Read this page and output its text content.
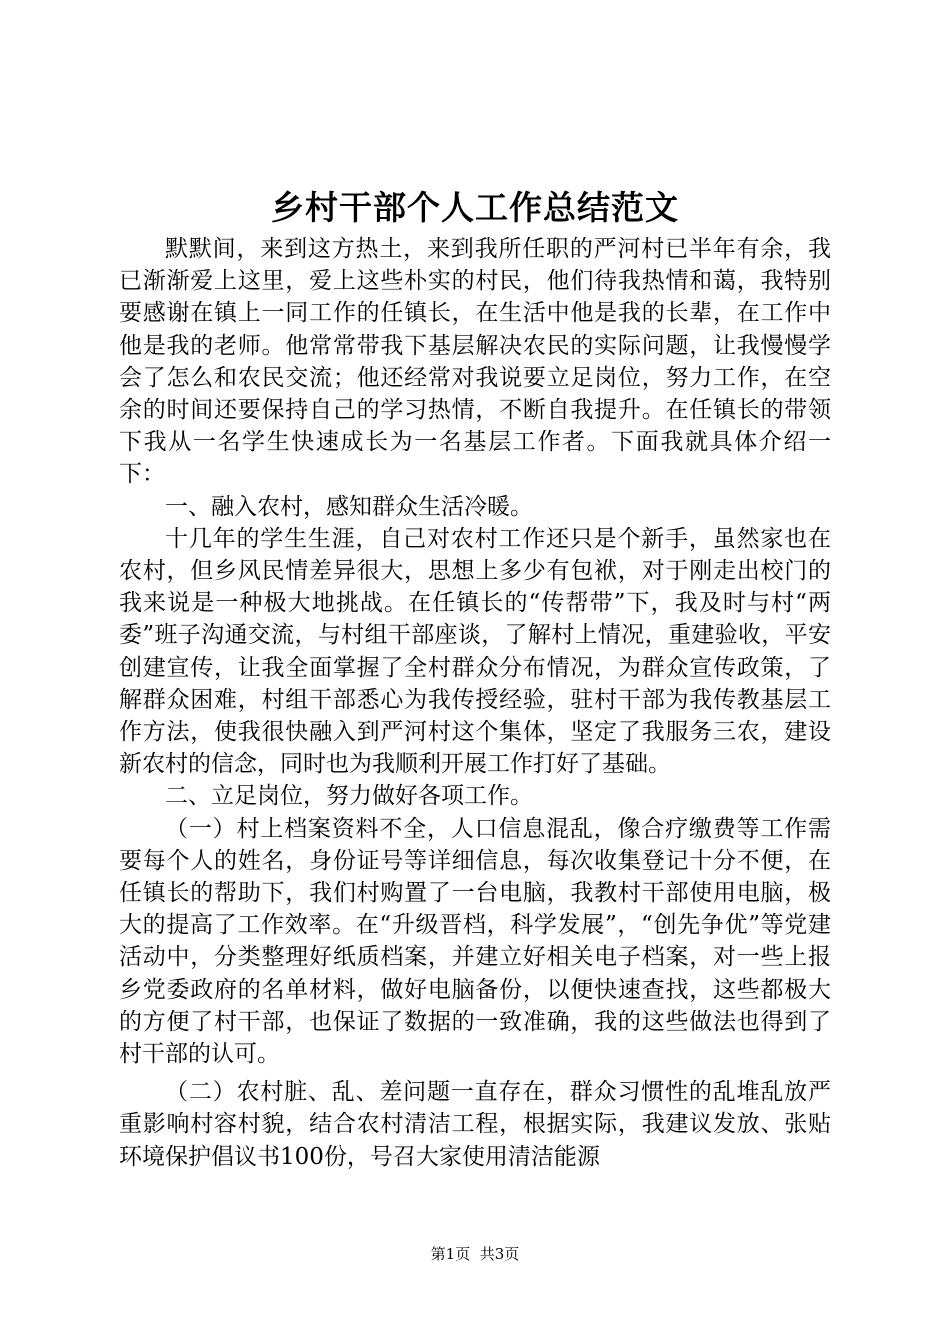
乡村干部个人工作总结范文

默默间，来到这方热土，来到我所任职的严河村已半年有余，我已渐渐爱上这里，爱上这些朴实的村民，他们待我热情和蔼，我特别要感谢在镇上一同工作的任镇长，在生活中他是我的长辈，在工作中他是我的老师。他常常带我下基层解决农民的实际问题，让我慢慢学会了怎么和农民交流；他还经常对我说要立足岗位，努力工作，在空余的时间还要保持自己的学习热情，不断自我提升。在任镇长的带领下我从一名学生快速成长为一名基层工作者。下面我就具体介绍一下：

一、融入农村，感知群众生活冷暖。

十几年的学生生涯，自己对农村工作还只是个新手，虽然家也在农村，但乡风民情差异很大，思想上多少有包袱，对于刚走出校门的我来说是一种极大地挑战。在任镇长的“传帮带”下，我及时与村“两委”班子沟通交流，与村组干部座谈，了解村上情况，重建验收，平安创建宣传，让我全面掌握了全村群众分布情况，为群众宣传政策，了解群众困难，村组干部悉心为我传授经验，驻村干部为我传教基层工作方法，使我很快融入到严河村这个集体，坚定了我服务三农，建设新农村的信念，同时也为我顺利开展工作打好了基础。

二、立足岗位，努力做好各项工作。

（一）村上档案资料不全，人口信息混乱，像合疗缴费等工作需要每个人的姓名，身份证号等详细信息，每次收集登记十分不便，在任镇长的帮助下，我们村购置了一台电脑，我教村干部使用电脑，极大的提高了工作效率。在“升级晋档，科学发展”，“创先争优”等党建活动中，分类整理好纸质档案，并建立好相关电子档案，对一些上报乡党委政府的名单材料，做好电脑备份，以便快速查找，这些都极大的方便了村干部，也保证了数据的一致准确，我的这些做法也得到了村干部的认可。

（二）农村脏、乱、差问题一直存在，群众习惯性的乱堆乱放严重影响村容村貌，结合农村清洁工程，根据实际，我建议发放、张贴环境保护倡议书100份，号召大家使用清洁能源

第1页 共3页
